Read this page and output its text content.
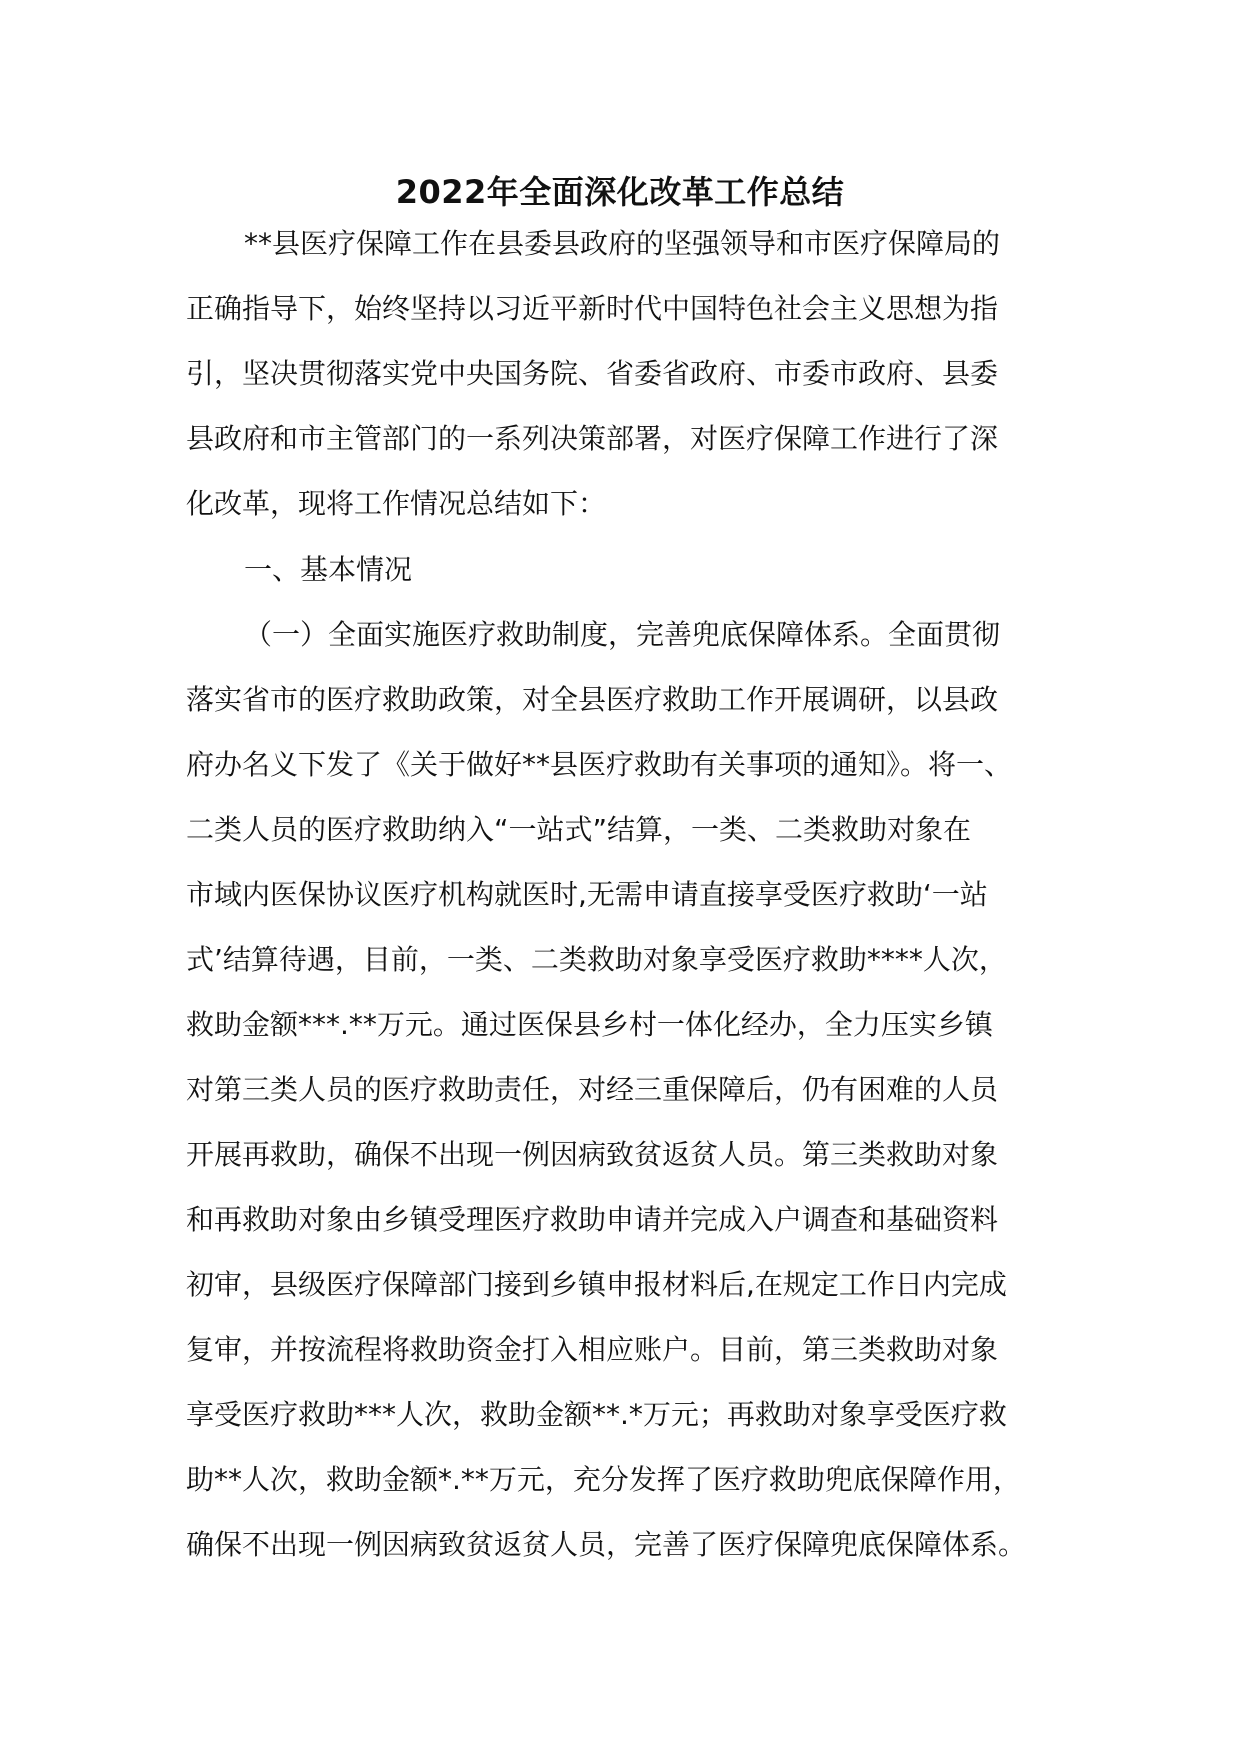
2022年全面深化改革工作总结
**县医疗保障工作在县委县政府的坚强领导和市医疗保障局的
正确指导下，始终坚持以习近平新时代中国特色社会主义思想为指
引，坚决贯彻落实党中央国务院、省委省政府、市委市政府、县委
县政府和市主管部门的一系列决策部署，对医疗保障工作进行了深
化改革，现将工作情况总结如下：
一、基本情况
（一）全面实施医疗救助制度，完善兜底保障体系。全面贯彻
落实省市的医疗救助政策，对全县医疗救助工作开展调研，以县政
府办名义下发了《关于做好**县医疗救助有关事项的通知》。将一、
二类人员的医疗救助纳入“一站式”结算，一类、二类救助对象在
市域内医保协议医疗机构就医时,无需申请直接享受医疗救助‘一站
式’结算待遇，目前，一类、二类救助对象享受医疗救助****人次，
救助金额***.**万元。通过医保县乡村一体化经办，全力压实乡镇
对第三类人员的医疗救助责任，对经三重保障后，仍有困难的人员
开展再救助，确保不出现一例因病致贫返贫人员。第三类救助对象
和再救助对象由乡镇受理医疗救助申请并完成入户调查和基础资料
初审，县级医疗保障部门接到乡镇申报材料后,在规定工作日内完成
复审，并按流程将救助资金打入相应账户。目前，第三类救助对象
享受医疗救助***人次，救助金额**.*万元；再救助对象享受医疗救
助**人次，救助金额*.**万元，充分发挥了医疗救助兜底保障作用，
确保不出现一例因病致贫返贫人员，完善了医疗保障兜底保障体系。
